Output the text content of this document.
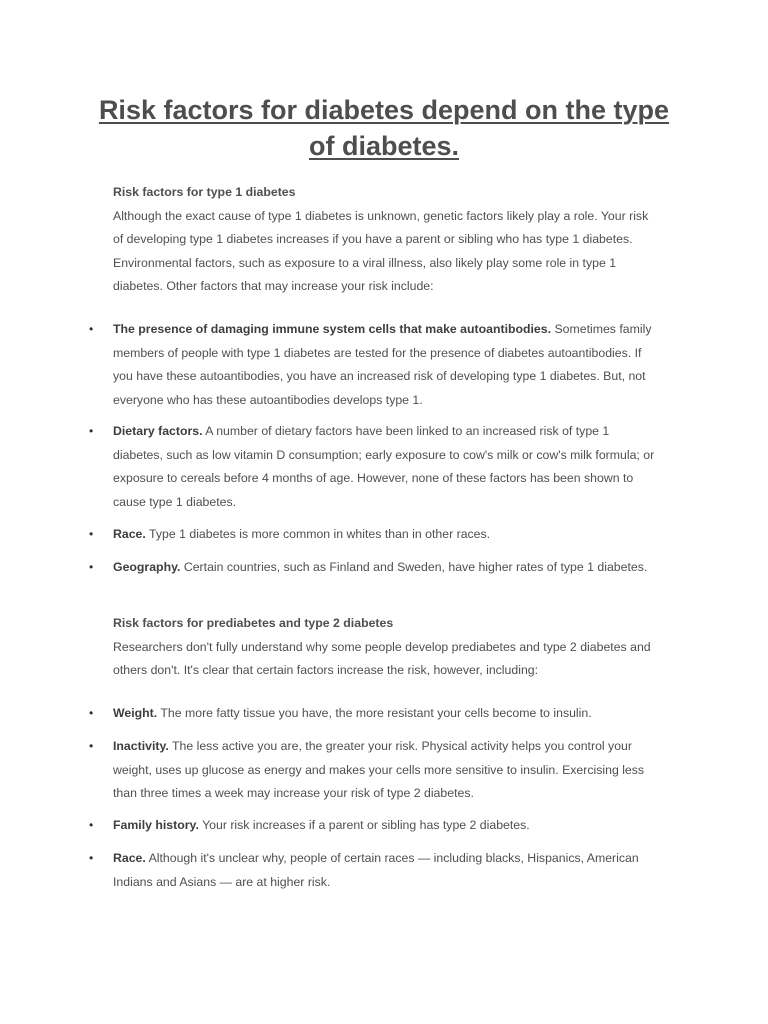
Risk factors for diabetes depend on the type of diabetes.
Risk factors for type 1 diabetes
Although the exact cause of type 1 diabetes is unknown, genetic factors likely play a role. Your risk of developing type 1 diabetes increases if you have a parent or sibling who has type 1 diabetes. Environmental factors, such as exposure to a viral illness, also likely play some role in type 1 diabetes. Other factors that may increase your risk include:
• The presence of damaging immune system cells that make autoantibodies. Sometimes family members of people with type 1 diabetes are tested for the presence of diabetes autoantibodies. If you have these autoantibodies, you have an increased risk of developing type 1 diabetes. But, not everyone who has these autoantibodies develops type 1.
• Dietary factors. A number of dietary factors have been linked to an increased risk of type 1 diabetes, such as low vitamin D consumption; early exposure to cow's milk or cow's milk formula; or exposure to cereals before 4 months of age. However, none of these factors has been shown to cause type 1 diabetes.
• Race. Type 1 diabetes is more common in whites than in other races.
• Geography. Certain countries, such as Finland and Sweden, have higher rates of type 1 diabetes.
Risk factors for prediabetes and type 2 diabetes
Researchers don't fully understand why some people develop prediabetes and type 2 diabetes and others don't. It's clear that certain factors increase the risk, however, including:
• Weight. The more fatty tissue you have, the more resistant your cells become to insulin.
• Inactivity. The less active you are, the greater your risk. Physical activity helps you control your weight, uses up glucose as energy and makes your cells more sensitive to insulin. Exercising less than three times a week may increase your risk of type 2 diabetes.
• Family history. Your risk increases if a parent or sibling has type 2 diabetes.
• Race. Although it's unclear why, people of certain races — including blacks, Hispanics, American Indians and Asians — are at higher risk.
